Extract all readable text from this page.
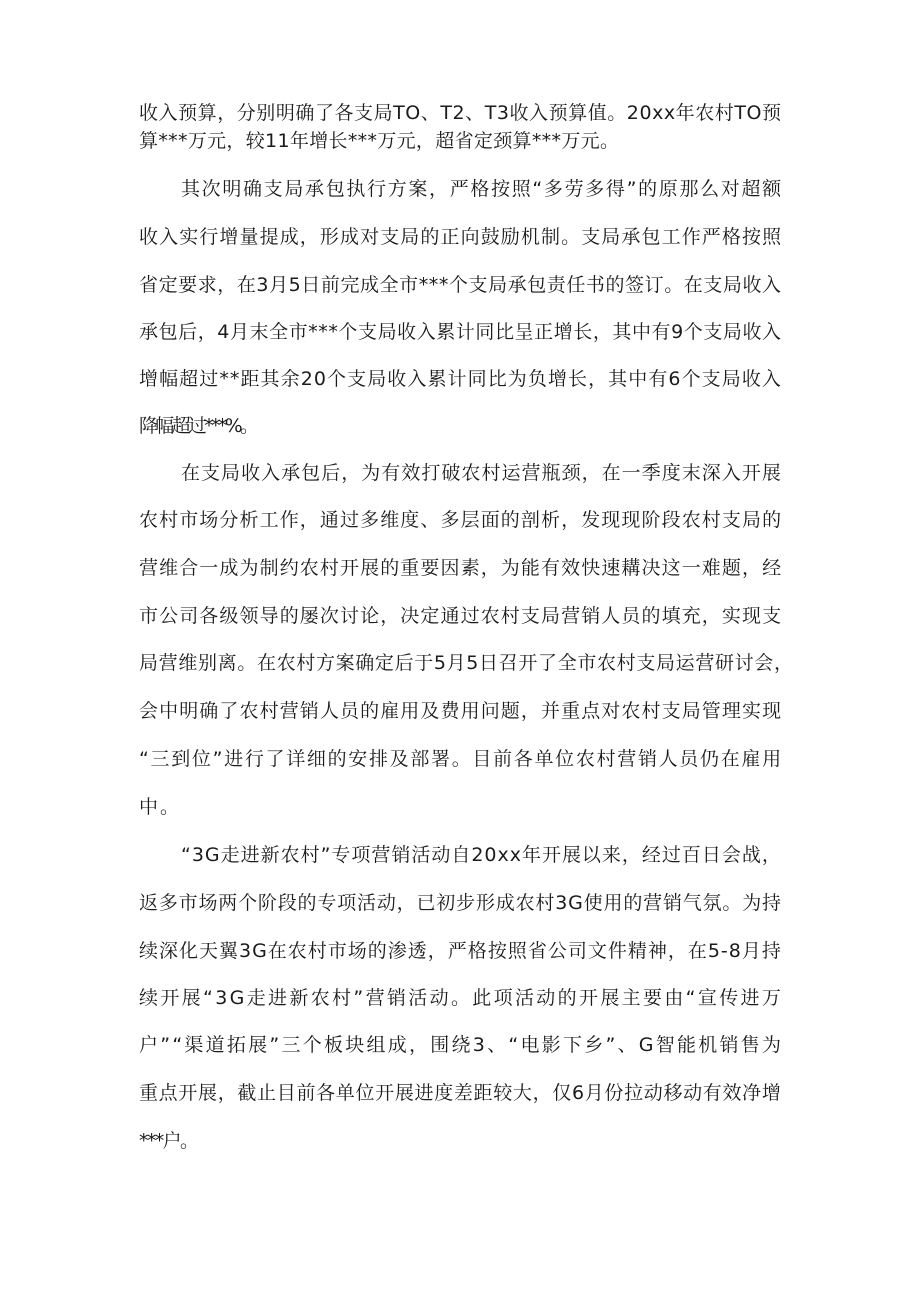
收入预算，分别明确了各支局TO、T2、T3收入预算值。20xx年农村TO预
算***万元，较11年增长***万元，超省定颈算***万元。
其次明确支局承包执行方案，严格按照“多劳多得”的原那么对超额
收入实行增量提成，形成对支局的正向鼓励机制。支局承包工作严格按照
省定要求，在3月5日前完成全市***个支局承包责任书的签订。在支局收入
承包后，4月末全市***个支局收入累计同比呈正增长，其中有9个支局收入
增幅超过**距其余20个支局收入累计同比为负增长，其中有6个支局收入
降幅超过***%。
在支局收入承包后，为有效打破农村运营瓶颈，在一季度末深入开展
农村市场分析工作，通过多维度、多层面的剖析，发现现阶段农村支局的
营维合一成为制约农村开展的重要因素，为能有效快速耩决这一难题，经
市公司各级领导的屡次讨论，决定通过农村支局营销人员的填充，实现支
局营维别离。在农村方案确定后于5月5日召开了全市农村支局运营研讨会，
会中明确了农村营销人员的雇用及费用问题，并重点对农村支局管理实现
“三到位”进行了详细的安排及部署。目前各单位农村营销人员仍在雇用
中。
“3G走进新农村”专项营销活动自20xx年开展以来，经过百日会战，
返多市场两个阶段的专项活动，已初步形成农村3G使用的营销气氛。为持
续深化天翼3G在农村市场的渗透，严格按照省公司文件精神，在5-8月持
续开展“3G走进新农村”营销活动。此项活动的开展主要由“宣传进万
户”“渠道拓展”三个板块组成，围绕3、“电影下乡”、G智能机销售为
重点开展，截止目前各单位开展进度差距较大，仅6月份拉动移动有效净增
***户。
